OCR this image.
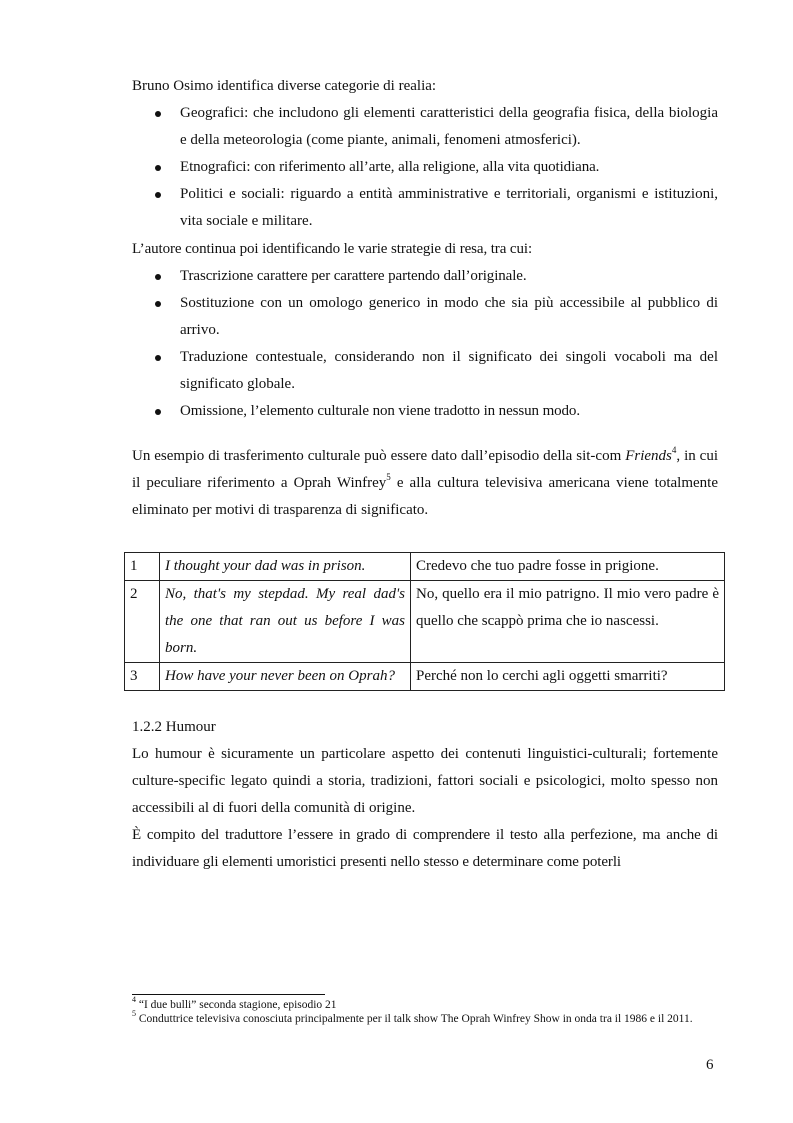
Bruno Osimo identifica diverse categorie di realia:

Geografici: che includono gli elementi caratteristici della geografia fisica, della biologia e della meteorologia (come piante, animali, fenomeni atmosferici).
Etnografici: con riferimento all’arte, alla religione, alla vita quotidiana.
Politici e sociali: riguardo a entità amministrative e territoriali, organismi e istituzioni, vita sociale e militare.

L’autore continua poi identificando le varie strategie di resa, tra cui:

Trascrizione carattere per carattere partendo dall’originale.
Sostituzione con un omologo generico in modo che sia più accessibile al pubblico di arrivo.
Traduzione contestuale, considerando non il significato dei singoli vocaboli ma del significato globale.
Omissione, l’elemento culturale non viene tradotto in nessun modo.

Un esempio di trasferimento culturale può essere dato dall’episodio della sit-com Friends$^4$, in cui il peculiare riferimento a Oprah Winfrey$^5$ e alla cultura televisiva americana viene totalmente eliminato per motivi di trasparenza di significato.

1	I thought your dad was in prison.	Credevo che tuo padre fosse in prigione.
2	No, that's my stepdad. My real dad's the one that ran out us before I was born.	No, quello era il mio patrigno. Il mio vero padre è quello che scappò prima che io nascessi.
3	How have your never been on Oprah?	Perché non lo cerchi agli oggetti smarriti?

1.2.2 Humour

Lo humour è sicuramente un particolare aspetto dei contenuti linguistici-culturali; fortemente culture-specific legato quindi a storia, tradizioni, fattori sociali e psicologici, molto spesso non accessibili al di fuori della comunità di origine.

È compito del traduttore l’essere in grado di comprendere il testo alla perfezione, ma anche di individuare gli elementi umoristici presenti nello stesso e determinare come poterli

$^4$ “I due bulli” seconda stagione, episodio 21
$^5$ Conduttrice televisiva conosciuta principalmente per il talk show The Oprah Winfrey Show in onda tra il 1986 e il 2011.
6
